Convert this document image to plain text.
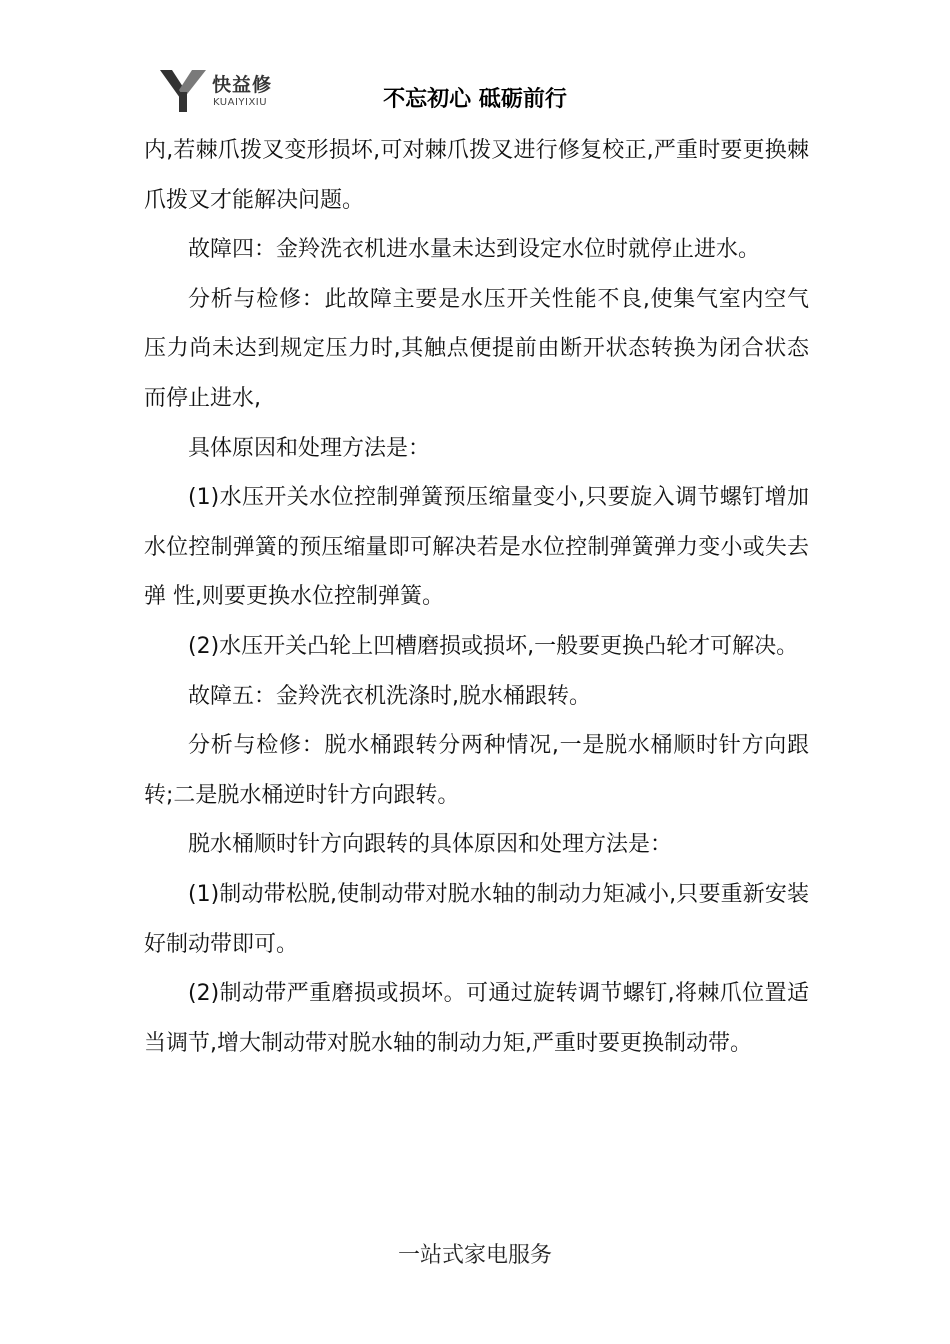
快益修
KUAIYIXIU	不忘初心 砥砺前行

内,若棘爪拨叉变形损坏,可对棘爪拨叉进行修复校正,严重时要更换棘爪拨叉才能解决问题。

故障四：金羚洗衣机进水量未达到设定水位时就停止进水。

分析与检修：此故障主要是水压开关性能不良,使集气室内空气压力尚未达到规定压力时,其触点便提前由断开状态转换为闭合状态而停止进水,

具体原因和处理方法是：

(1)水压开关水位控制弹簧预压缩量变小,只要旋入调节螺钉增加水位控制弹簧的预压缩量即可解决若是水位控制弹簧弹力变小或失去弹 性,则要更换水位控制弹簧。

(2)水压开关凸轮上凹槽磨损或损坏,一般要更换凸轮才可解决。

故障五：金羚洗衣机洗涤时,脱水桶跟转。

分析与检修：脱水桶跟转分两种情况,一是脱水桶顺时针方向跟转;二是脱水桶逆时针方向跟转。

脱水桶顺时针方向跟转的具体原因和处理方法是：

(1)制动带松脱,使制动带对脱水轴的制动力矩减小,只要重新安装好制动带即可。

(2)制动带严重磨损或损坏。可通过旋转调节螺钉,将棘爪位置适当调节,增大制动带对脱水轴的制动力矩,严重时要更换制动带。

一站式家电服务
